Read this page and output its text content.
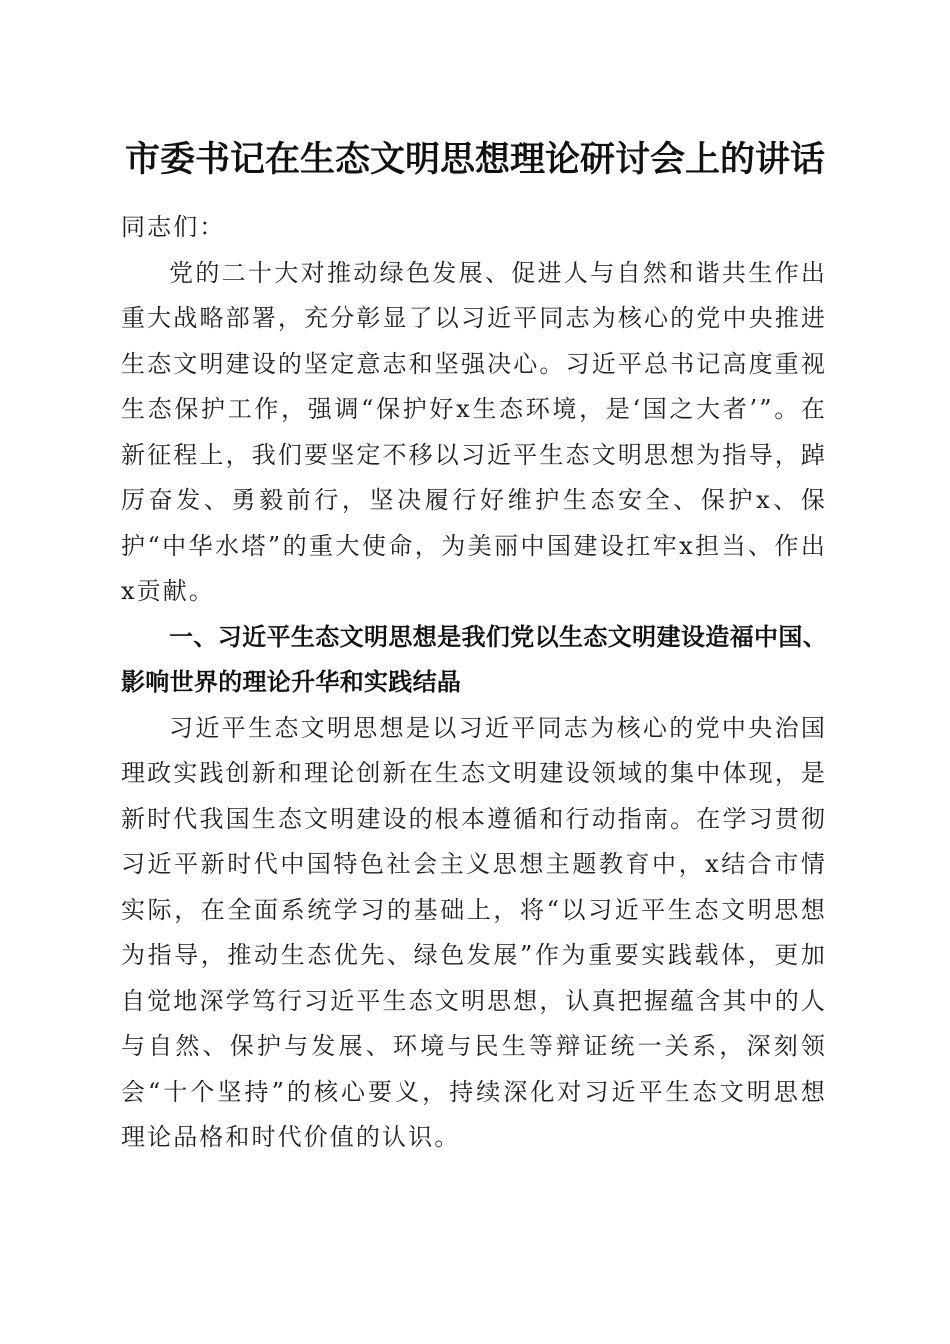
市委书记在生态文明思想理论研讨会上的讲话

同志们：

党的二十大对推动绿色发展、促进人与自然和谐共生作出重大战略部署，充分彰显了以习近平同志为核心的党中央推进生态文明建设的坚定意志和坚强决心。习近平总书记高度重视生态保护工作，强调“保护好x生态环境，是‘国之大者’”。在新征程上，我们要坚定不移以习近平生态文明思想为指导，踔厉奋发、勇毅前行，坚决履行好维护生态安全、保护x、保护“中华水塔”的重大使命，为美丽中国建设扛牢x担当、作出x贡献。

一、习近平生态文明思想是我们党以生态文明建设造福中国、影响世界的理论升华和实践结晶

习近平生态文明思想是以习近平同志为核心的党中央治国理政实践创新和理论创新在生态文明建设领域的集中体现，是新时代我国生态文明建设的根本遵循和行动指南。在学习贯彻习近平新时代中国特色社会主义思想主题教育中，x结合市情实际，在全面系统学习的基础上，将“以习近平生态文明思想为指导，推动生态优先、绿色发展”作为重要实践载体，更加自觉地深学笃行习近平生态文明思想，认真把握蕴含其中的人与自然、保护与发展、环境与民生等辩证统一关系，深刻领会“十个坚持”的核心要义，持续深化对习近平生态文明思想理论品格和时代价值的认识。
